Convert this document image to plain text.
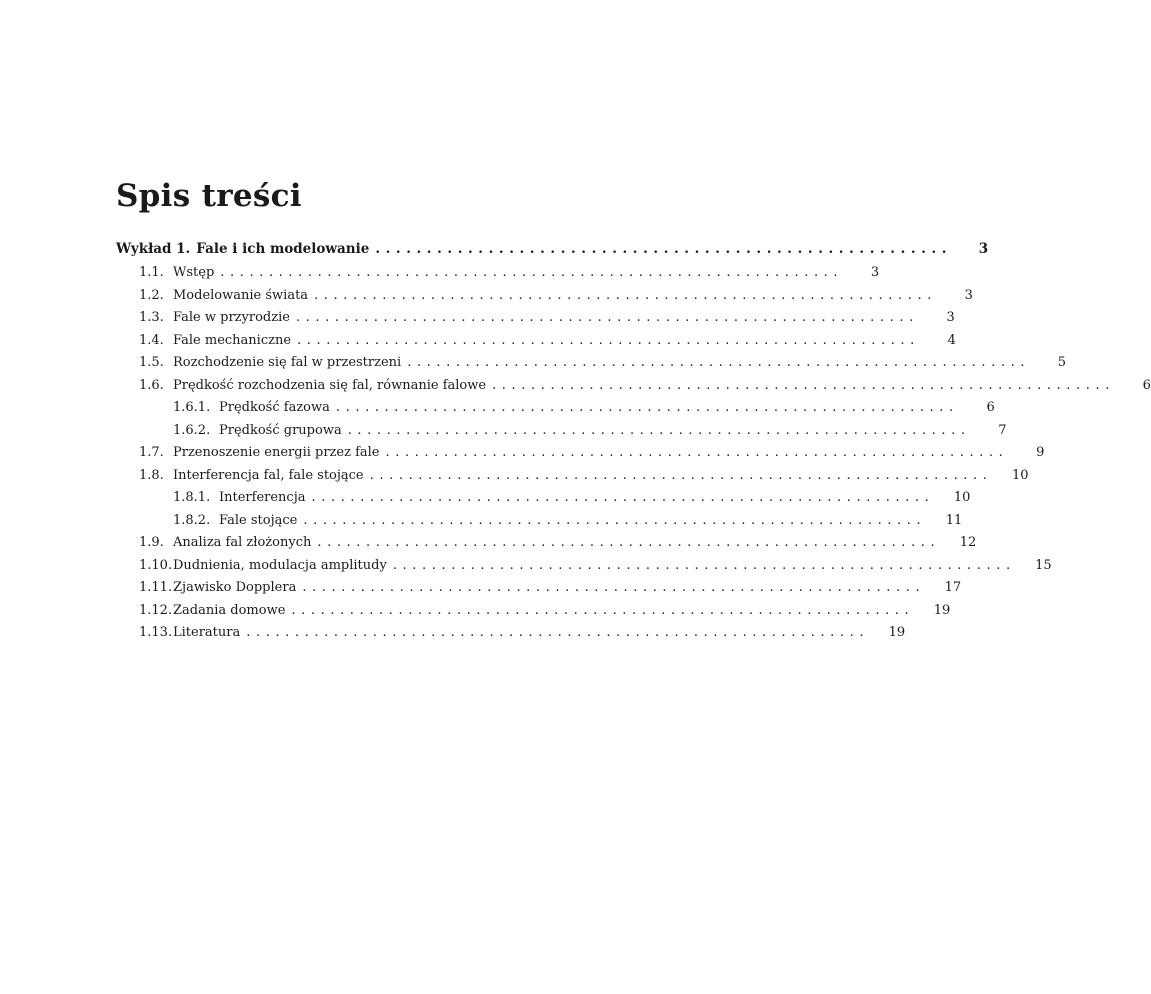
Spis treści
Wykład 1. Fale i ich modelowanie ........................................................	3
1.1. Wstęp ................................................................	3
1.2. Modelowanie świata ................................................................	3
1.3. Fale w przyrodzie ................................................................	3
1.4. Fale mechaniczne ................................................................	4
1.5. Rozchodzenie się fal w przestrzeni ................................................................	5
1.6. Prędkość rozchodzenia się fal, równanie falowe ................................................................	6
1.6.1. Prędkość fazowa ................................................................	6
1.6.2. Prędkość grupowa ................................................................	7
1.7. Przenoszenie energii przez fale ................................................................	9
1.8. Interferencja fal, fale stojące ................................................................	10
1.8.1. Interferencja ................................................................	10
1.8.2. Fale stojące ................................................................	11
1.9. Analiza fal złożonych ................................................................	12
1.10. Dudnienia, modulacja amplitudy ................................................................	15
1.11. Zjawisko Dopplera ................................................................	17
1.12. Zadania domowe ................................................................	19
1.13. Literatura ................................................................	19
